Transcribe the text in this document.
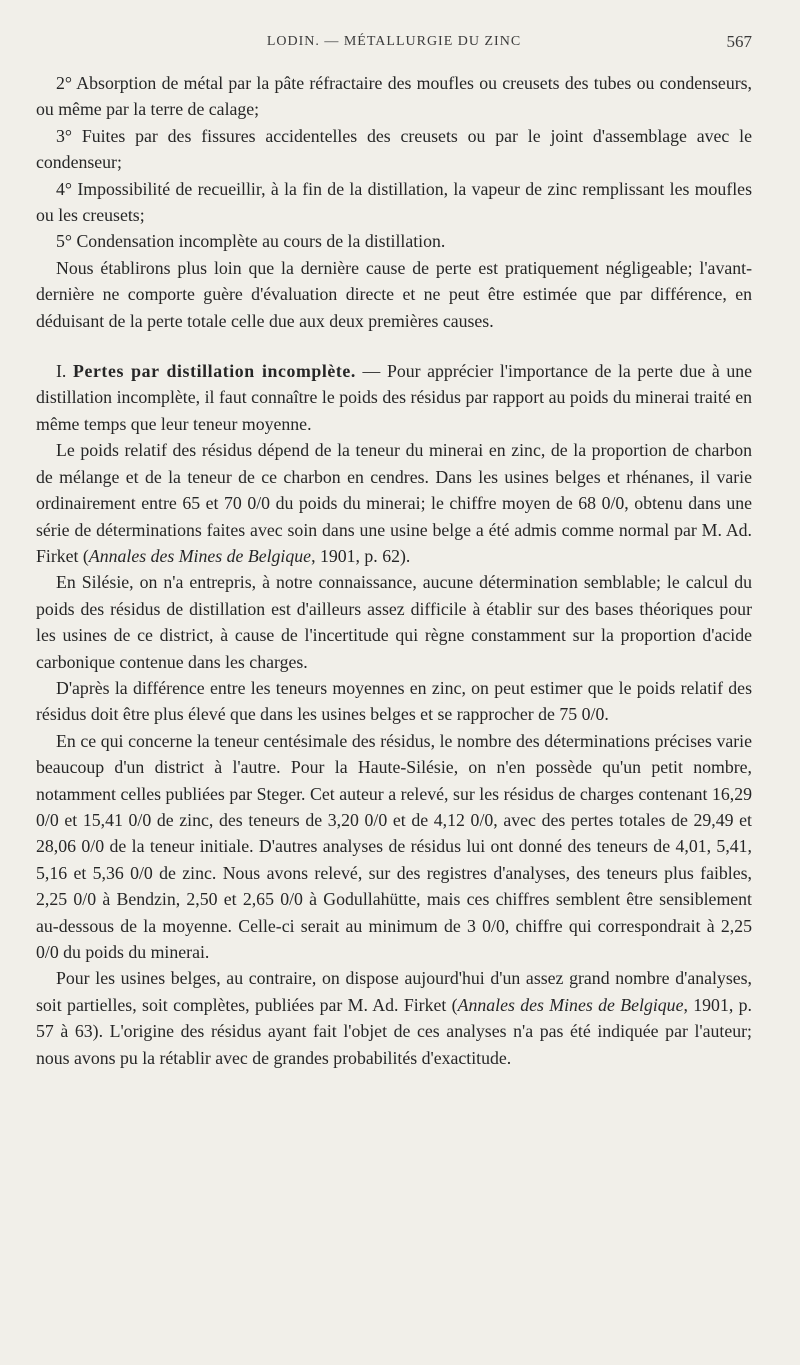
LODIN. — MÉTALLURGIE DU ZINC	567

2° Absorption de métal par la pâte réfractaire des moufles ou creusets des tubes ou condenseurs, ou même par la terre de calage;

3° Fuites par des fissures accidentelles des creusets ou par le joint d'assemblage avec le condenseur;

4° Impossibilité de recueillir, à la fin de la distillation, la vapeur de zinc remplissant les moufles ou les creusets;

5° Condensation incomplète au cours de la distillation.

Nous établirons plus loin que la dernière cause de perte est pratiquement négligeable; l'avant-dernière ne comporte guère d'évaluation directe et ne peut être estimée que par différence, en déduisant de la perte totale celle due aux deux premières causes.

I. Pertes par distillation incomplète. — Pour apprécier l'importance de la perte due à une distillation incomplète, il faut connaître le poids des résidus par rapport au poids du minerai traité en même temps que leur teneur moyenne.

Le poids relatif des résidus dépend de la teneur du minerai en zinc, de la proportion de charbon de mélange et de la teneur de ce charbon en cendres. Dans les usines belges et rhénanes, il varie ordinairement entre 65 et 70 0/0 du poids du minerai; le chiffre moyen de 68 0/0, obtenu dans une série de déterminations faites avec soin dans une usine belge a été admis comme normal par M. Ad. Firket (Annales des Mines de Belgique, 1901, p. 62).

En Silésie, on n'a entrepris, à notre connaissance, aucune détermination semblable; le calcul du poids des résidus de distillation est d'ailleurs assez difficile à établir sur des bases théoriques pour les usines de ce district, à cause de l'incertitude qui règne constamment sur la proportion d'acide carbonique contenue dans les charges.

D'après la différence entre les teneurs moyennes en zinc, on peut estimer que le poids relatif des résidus doit être plus élevé que dans les usines belges et se rapprocher de 75 0/0.

En ce qui concerne la teneur centésimale des résidus, le nombre des déterminations précises varie beaucoup d'un district à l'autre. Pour la Haute-Silésie, on n'en possède qu'un petit nombre, notamment celles publiées par Steger. Cet auteur a relevé, sur les résidus de charges contenant 16,29 0/0 et 15,41 0/0 de zinc, des teneurs de 3,20 0/0 et de 4,12 0/0, avec des pertes totales de 29,49 et 28,06 0/0 de la teneur initiale. D'autres analyses de résidus lui ont donné des teneurs de 4,01, 5,41, 5,16 et 5,36 0/0 de zinc. Nous avons relevé, sur des registres d'analyses, des teneurs plus faibles, 2,25 0/0 à Bendzin, 2,50 et 2,65 0/0 à Godullahütte, mais ces chiffres semblent être sensiblement au-dessous de la moyenne. Celle-ci serait au minimum de 3 0/0, chiffre qui correspondrait à 2,25 0/0 du poids du minerai.

Pour les usines belges, au contraire, on dispose aujourd'hui d'un assez grand nombre d'analyses, soit partielles, soit complètes, publiées par M. Ad. Firket (Annales des Mines de Belgique, 1901, p. 57 à 63). L'origine des résidus ayant fait l'objet de ces analyses n'a pas été indiquée par l'auteur; nous avons pu la rétablir avec de grandes probabilités d'exactitude.
